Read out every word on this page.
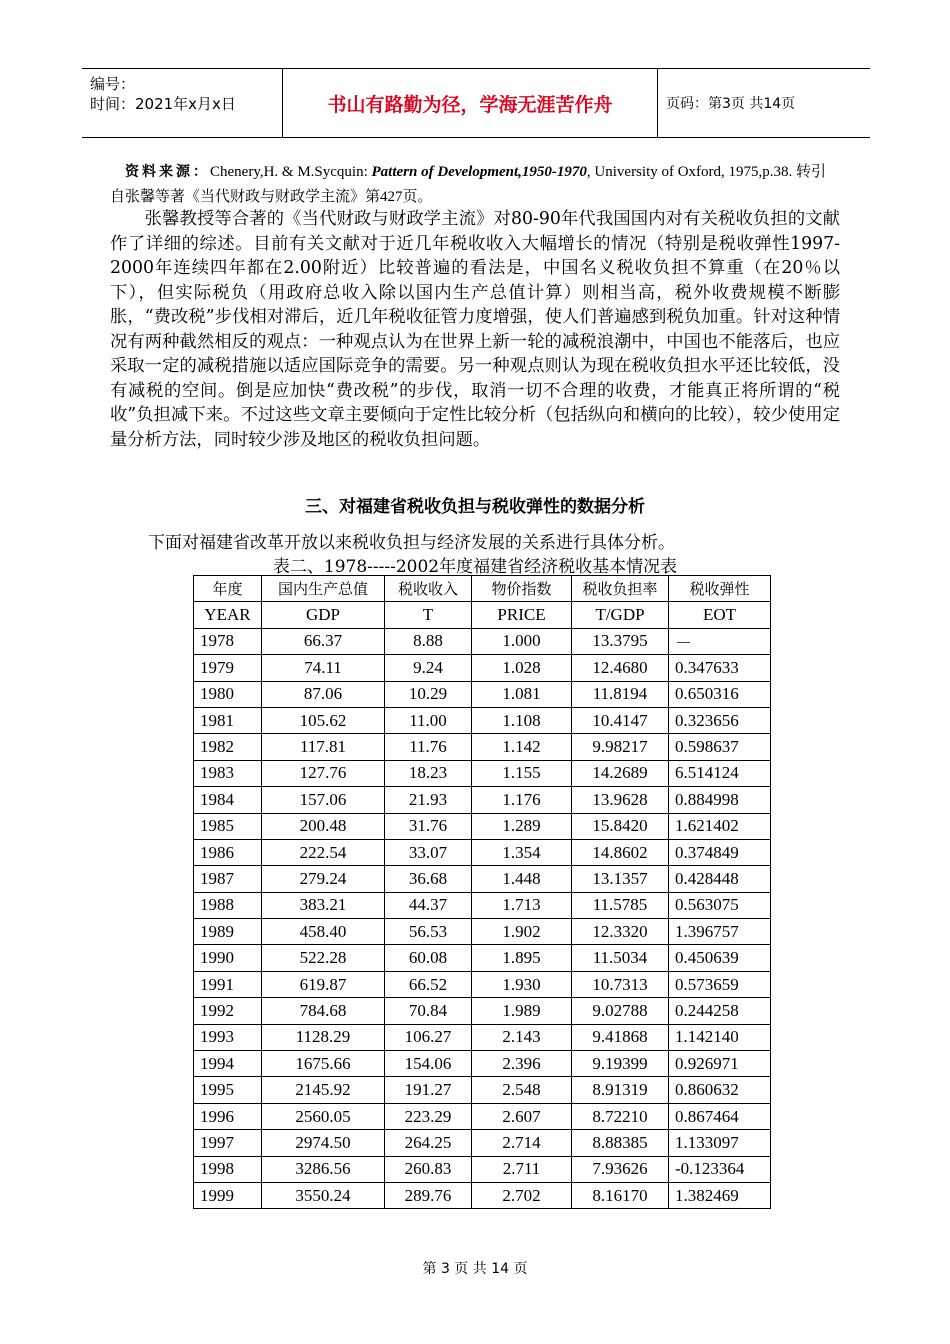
编号：
时间：2021年x月x日	书山有路勤为径，学海无涯苦作舟	页码：第3页 共14页
资料来源：Chenery,H. & M.Sycquin: Pattern of Development,1950-1970, University of Oxford, 1975,p.38. 转引自张馨等著《当代财政与财政学主流》第427页。
张馨教授等合著的《当代财政与财政学主流》对80-90年代我国国内对有关税收负担的文献作了详细的综述。目前有关文献对于近几年税收收入大幅增长的情况（特别是税收弹性1997-2000年连续四年都在2.00附近）比较普遍的看法是，中国名义税收负担不算重（在20％以下），但实际税负（用政府总收入除以国内生产总值计算）则相当高，税外收费规模不断膨胀，“费改税”步伐相对滞后，近几年税收征管力度增强，使人们普遍感到税负加重。针对这种情况有两种截然相反的观点：一种观点认为在世界上新一轮的减税浪潮中，中国也不能落后，也应采取一定的减税措施以适应国际竞争的需要。另一种观点则认为现在税收负担水平还比较低，没有减税的空间。倒是应加快“费改税”的步伐，取消一切不合理的收费，才能真正将所谓的“税收”负担减下来。不过这些文章主要倾向于定性比较分析（包括纵向和横向的比较），较少使用定量分析方法，同时较少涉及地区的税收负担问题。
三、对福建省税收负担与税收弹性的数据分析
下面对福建省改革开放以来税收负担与经济发展的关系进行具体分析。
表二、1978-----2002年度福建省经济税收基本情况表
年度	国内生产总值	税收收入	物价指数	税收负担率	税收弹性
YEAR	GDP	T	PRICE	T/GDP	EOT
1978	66.37	8.88	1.000	13.3795	－
1979	74.11	9.24	1.028	12.4680	0.347633
1980	87.06	10.29	1.081	11.8194	0.650316
1981	105.62	11.00	1.108	10.4147	0.323656
1982	117.81	11.76	1.142	9.98217	0.598637
1983	127.76	18.23	1.155	14.2689	6.514124
1984	157.06	21.93	1.176	13.9628	0.884998
1985	200.48	31.76	1.289	15.8420	1.621402
1986	222.54	33.07	1.354	14.8602	0.374849
1987	279.24	36.68	1.448	13.1357	0.428448
1988	383.21	44.37	1.713	11.5785	0.563075
1989	458.40	56.53	1.902	12.3320	1.396757
1990	522.28	60.08	1.895	11.5034	0.450639
1991	619.87	66.52	1.930	10.7313	0.573659
1992	784.68	70.84	1.989	9.02788	0.244258
1993	1128.29	106.27	2.143	9.41868	1.142140
1994	1675.66	154.06	2.396	9.19399	0.926971
1995	2145.92	191.27	2.548	8.91319	0.860632
1996	2560.05	223.29	2.607	8.72210	0.867464
1997	2974.50	264.25	2.714	8.88385	1.133097
1998	3286.56	260.83	2.711	7.93626	-0.123364
1999	3550.24	289.76	2.702	8.16170	1.382469
第 3 页 共 14 页
